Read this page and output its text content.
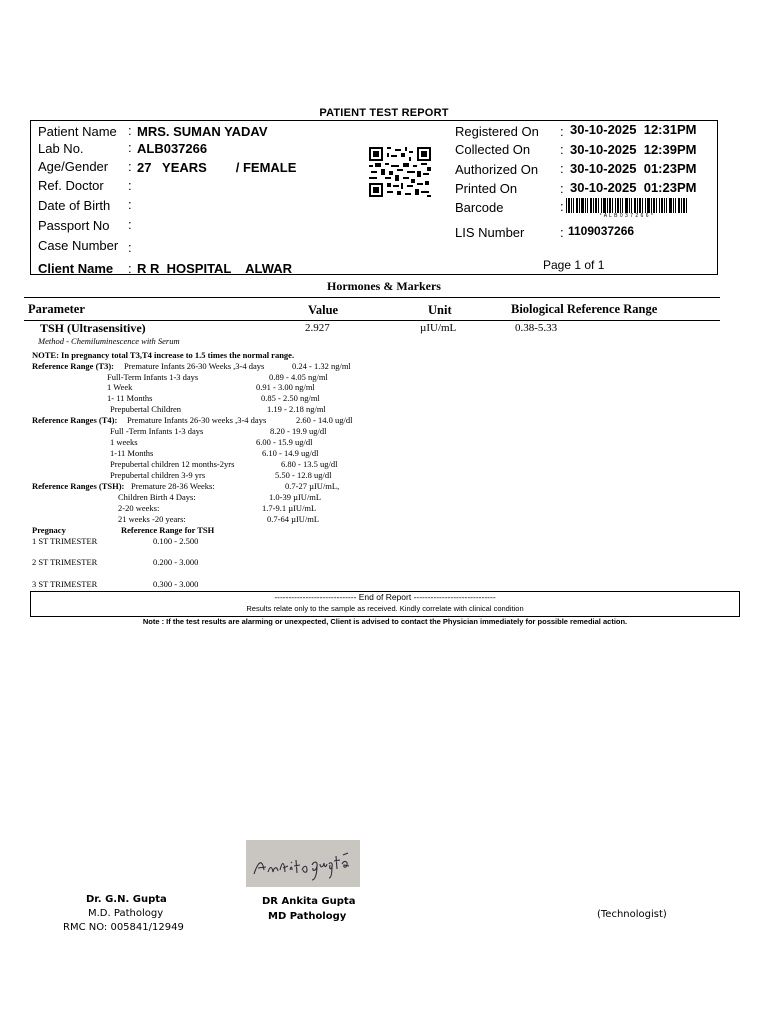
PATIENT TEST REPORT
Patient Name : MRS. SUMAN YADAV
Lab No.	: ALB037266
Age/Gender : 27   YEARS        / FEMALE
Ref. Doctor :
Date of Birth :
Passport No :
Case Number :
Client Name : R R  HOSPITAL    ALWAR
Registered On : 30-10-2025  12:31PM
Collected On : 30-10-2025  12:39PM
Authorized On : 30-10-2025  01:23PM
Printed On	: 30-10-2025  01:23PM
Barcode	:
* A L B 0 3 7 2 6 6 *
LIS Number	: 1109037266
Page 1 of 1
Hormones & Markers
Parameter	Value	Unit	Biological Reference Range
TSH (Ultrasensitive)	2.927	µIU/mL	0.38-5.33
Method - Chemiluminescence with Serum
NOTE: In pregnancy total T3,T4 increase to 1.5 times the normal range.
Reference Range (T3): Premature Infants 26-30 Weeks ,3-4 days	0.24 - 1.32 ng/ml
Full-Term Infants 1-3 days	0.89 - 4.05 ng/ml
1 Week	0.91 - 3.00 ng/ml
1- 11 Months	0.85 - 2.50 ng/ml
Prepubertal Children	1.19 - 2.18 ng/ml
Reference Ranges (T4): Premature Infants 26-30 weeks ,3-4 days	2.60 - 14.0 ug/dl
Full -Term Infants 1-3 days	8.20 - 19.9 ug/dl
1 weeks	6.00 - 15.9 ug/dl
1-11 Months	6.10 - 14.9 ug/dl
Prepubertal children 12 months-2yrs	6.80 - 13.5 ug/dl
Prepubertal children 3-9 yrs	5.50 - 12.8 ug/dl
Reference Ranges (TSH): Premature 28-36 Weeks:	0.7-27 µIU/mL,
Children Birth 4 Days:	1.0-39 µIU/mL
2-20 weeks:	1.7-9.1 µIU/mL
21 weeks -20 years:	0.7-64 µIU/mL
Pregnacy	Reference Range for TSH
1 ST TRIMESTER	0.100 - 2.500
2 ST TRIMESTER	0.200 - 3.000
3 ST TRIMESTER	0.300 - 3.000
----------------------------- End of Report -----------------------------
Results relate only to the sample as received. Kindly correlate with clinical condition
Note : If the test results are alarming or unexpected, Client is advised to contact the Physician immediately for possible remedial action.
Dr. G.N. Gupta
M.D. Pathology
RMC NO: 005841/12949
DR Ankita Gupta
MD Pathology	(Technologist)
